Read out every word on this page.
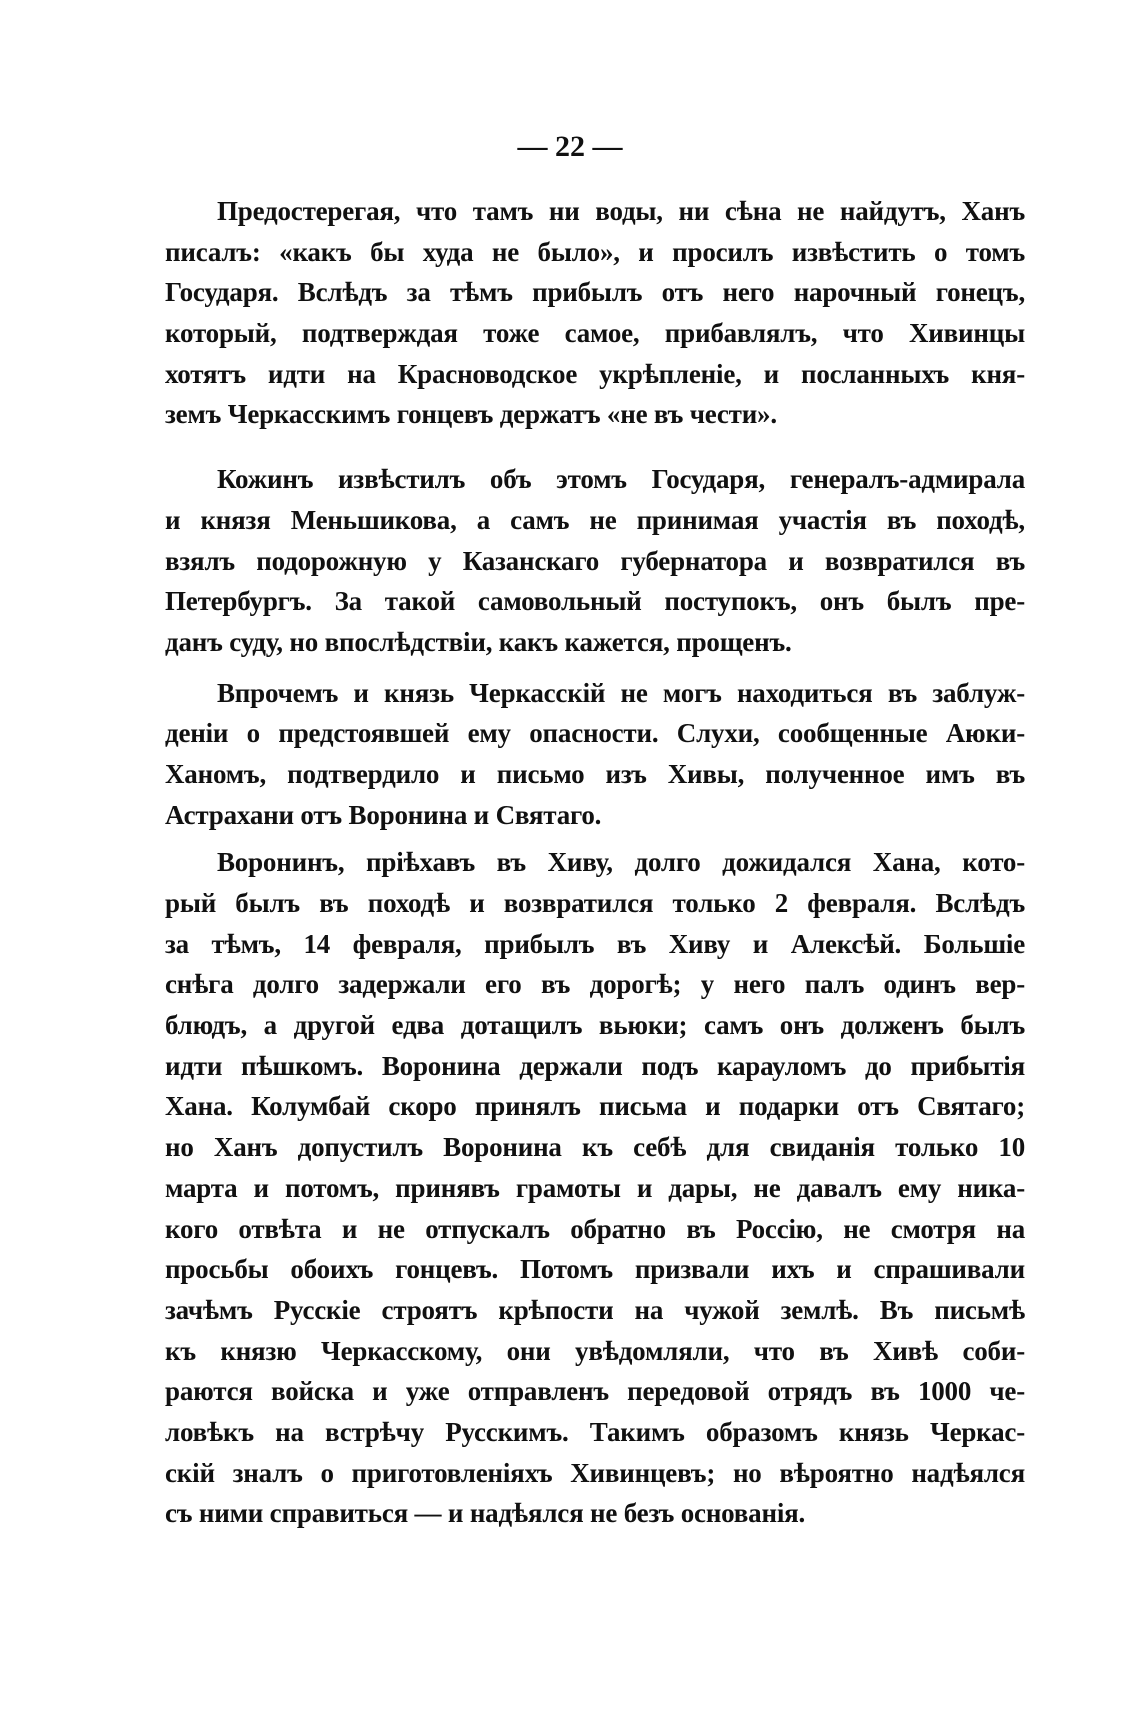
— 22 —
Предостерегая, что тамъ ни воды, ни сѣна не найдутъ, Ханъ
писалъ: «какъ бы худа не было», и просилъ извѣстить о томъ
Государя. Вслѣдъ за тѣмъ прибылъ отъ него нарочный гонецъ,
который, подтверждая тоже самое, прибавлялъ, что Хивинцы
хотятъ идти на Красноводское укрѣпленіе, и посланныхъ кня-
земъ Черкасскимъ гонцевъ держатъ «не въ чести».
Кожинъ извѣстилъ объ этомъ Государя, генералъ-адмирала
и князя Меньшикова, а самъ не принимая участія въ походѣ,
взялъ подорожную у Казанскаго губернатора и возвратился въ
Петербургъ. За такой самовольный поступокъ, онъ былъ пре-
данъ суду, но впослѣдствіи, какъ кажется, прощенъ.
Впрочемъ и князь Черкасскій не могъ находиться въ заблуж-
деніи о предстоявшей ему опасности. Слухи, сообщенные Аюки-
Ханомъ, подтвердило и письмо изъ Хивы, полученное имъ въ
Астрахани отъ Воронина и Святаго.
Воронинъ, пріѣхавъ въ Хиву, долго дожидался Хана, кото-
рый былъ въ походѣ и возвратился только 2 февраля. Вслѣдъ
за тѣмъ, 14 февраля, прибылъ въ Хиву и Алексѣй. Большіе
снѣга долго задержали его въ дорогѣ; у него палъ одинъ вер-
блюдъ, а другой едва дотащилъ вьюки; самъ онъ долженъ былъ
идти пѣшкомъ. Воронина держали подъ карауломъ до прибытія
Хана. Колумбай скоро принялъ письма и подарки отъ Святаго;
но Ханъ допустилъ Воронина къ себѣ для свиданія только 10
марта и потомъ, принявъ грамоты и дары, не давалъ ему ника-
кого отвѣта и не отпускалъ обратно въ Россію, не смотря на
просьбы обоихъ гонцевъ. Потомъ призвали ихъ и спрашивали
зачѣмъ Русскіе строятъ крѣпости на чужой землѣ. Въ письмѣ
къ князю Черкасскому, они увѣдомляли, что въ Хивѣ соби-
раются войска и уже отправленъ передовой отрядъ въ 1000 че-
ловѣкъ на встрѣчу Русскимъ. Такимъ образомъ князь Черкас-
скій зналъ о приготовленіяхъ Хивинцевъ; но вѣроятно надѣялся
съ ними справиться — и надѣялся не безъ основанія.
